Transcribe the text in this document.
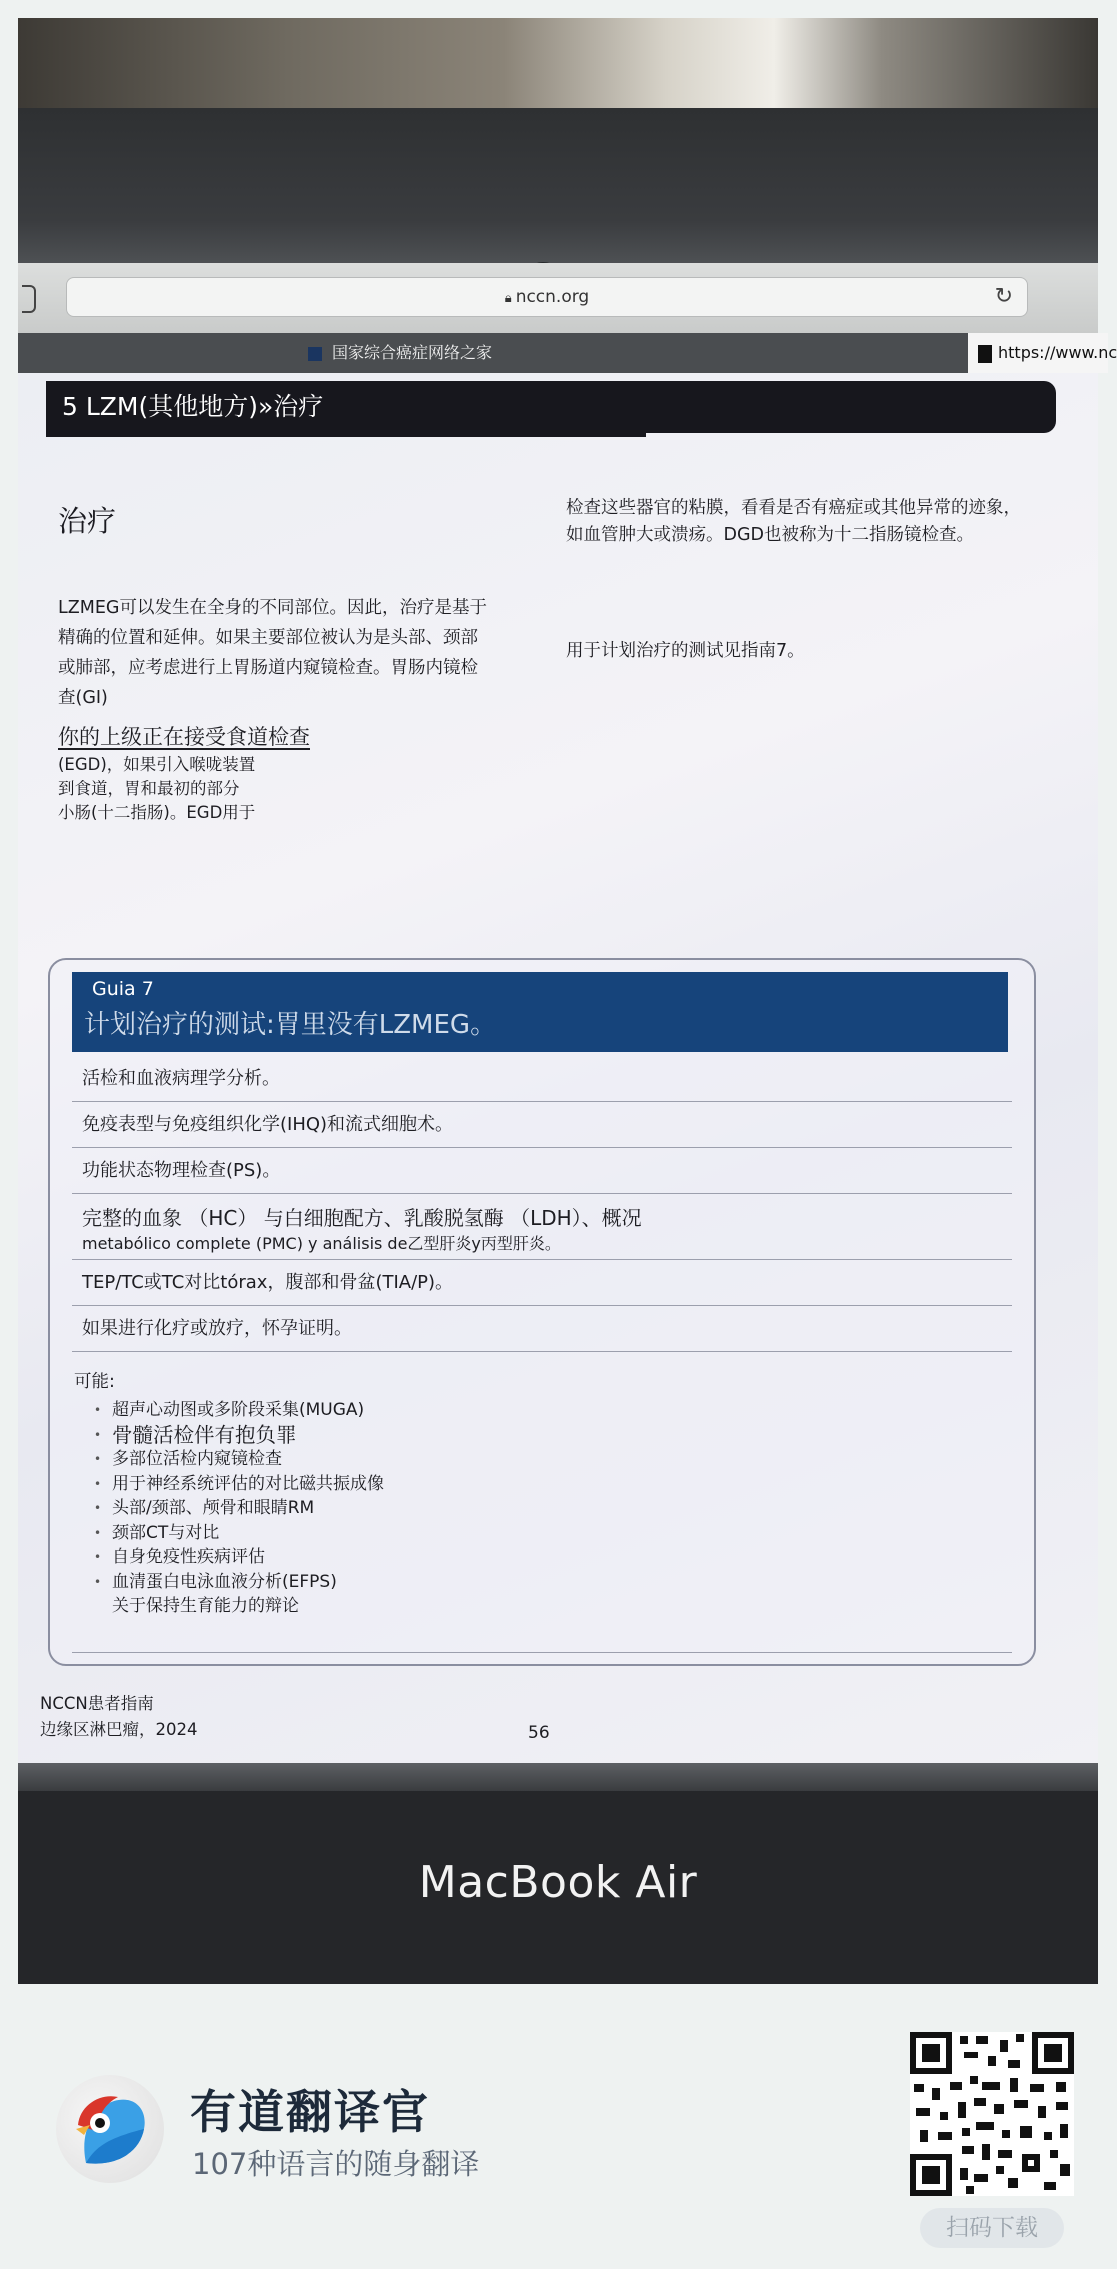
🔒︎ nccn.org	↻
国家综合癌症网络之家	https://www.nc
5 LZM(其他地方)»治疗
治疗
LZMEG可以发生在全身的不同部位。因此，治疗是基于精确的位置和延伸。如果主要部位被认为是头部、颈部或肺部，应考虑进行上胃肠道内窥镜检查。胃肠内镜检查(GI)
你的上级正在接受食道检查
(EGD)，如果引入喉咙装置
到食道，胃和最初的部分
小肠(十二指肠)。EGD用于
检查这些器官的粘膜，看看是否有癌症或其他异常的迹象，如血管肿大或溃疡。DGD也被称为十二指肠镜检查。
用于计划治疗的测试见指南7。
Guia 7
计划治疗的测试:胃里没有LZMEG。
活检和血液病理学分析。
免疫表型与免疫组织化学(IHQ)和流式细胞术。
功能状态物理检查(PS)。
完整的血象 （HC） 与白细胞配方、乳酸脱氢酶 （LDH）、概况
metabólico complete (PMC) y análisis de乙型肝炎y丙型肝炎。
TEP/TC或TC对比tórax，腹部和骨盆(TIA/P)。
如果进行化疗或放疗，怀孕证明。
可能:
• 超声心动图或多阶段采集(MUGA)
• 骨髓活检伴有抱负罪
• 多部位活检内窥镜检查
• 用于神经系统评估的对比磁共振成像
• 头部/颈部、颅骨和眼睛RM
• 颈部CT与对比
• 自身免疫性疾病评估
• 血清蛋白电泳血液分析(EFPS)
关于保持生育能力的辩论
NCCN患者指南
边缘区淋巴瘤，2024	56
MacBook Air
有道翻译官
107种语言的随身翻译
扫码下载
